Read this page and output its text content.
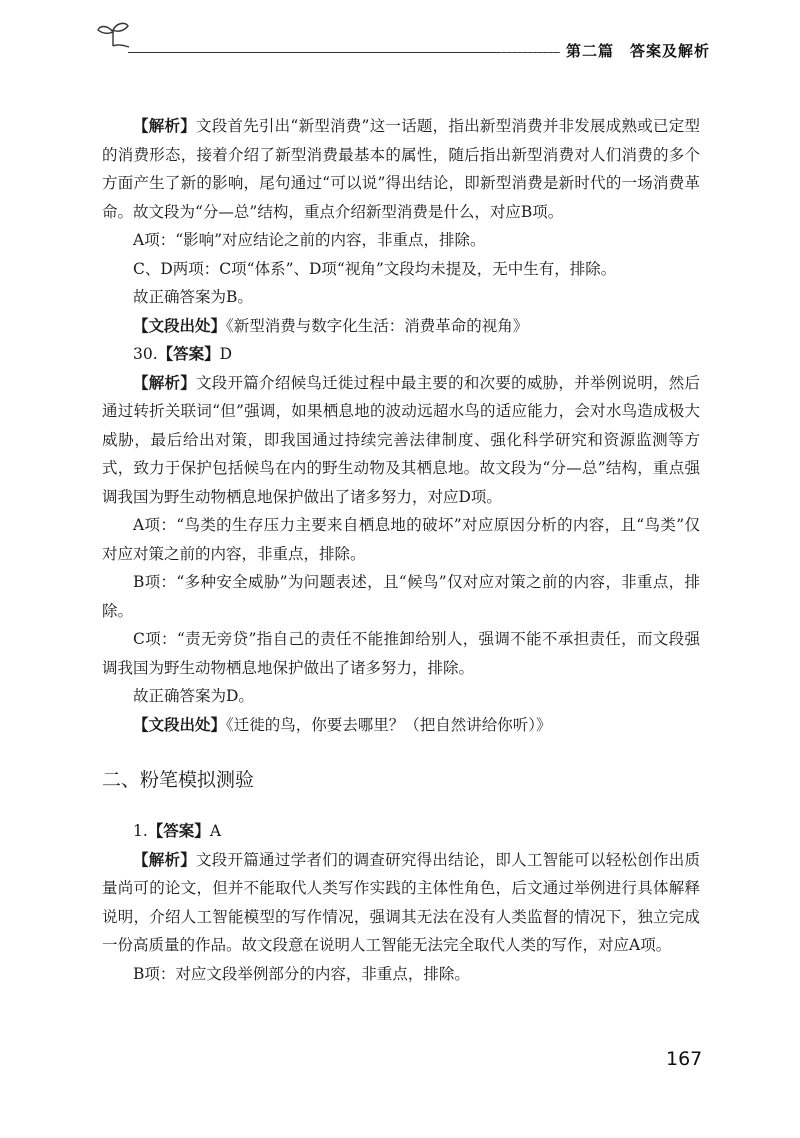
第二篇　答案及解析

【解析】文段首先引出“新型消费”这一话题，指出新型消费并非发展成熟或已定型的消费形态，接着介绍了新型消费最基本的属性，随后指出新型消费对人们消费的多个方面产生了新的影响，尾句通过“可以说”得出结论，即新型消费是新时代的一场消费革命。故文段为“分—总”结构，重点介绍新型消费是什么，对应B项。

A项：“影响”对应结论之前的内容，非重点，排除。

C、D两项：C项“体系”、D项“视角”文段均未提及，无中生有，排除。

故正确答案为B。

【文段出处】《新型消费与数字化生活：消费革命的视角》

30.【答案】D

【解析】文段开篇介绍候鸟迁徙过程中最主要的和次要的威胁，并举例说明，然后通过转折关联词“但”强调，如果栖息地的波动远超水鸟的适应能力，会对水鸟造成极大威胁，最后给出对策，即我国通过持续完善法律制度、强化科学研究和资源监测等方式，致力于保护包括候鸟在内的野生动物及其栖息地。故文段为“分—总”结构，重点强调我国为野生动物栖息地保护做出了诸多努力，对应D项。

A项：“鸟类的生存压力主要来自栖息地的破坏”对应原因分析的内容，且“鸟类”仅对应对策之前的内容，非重点，排除。

B项：“多种安全威胁”为问题表述，且“候鸟”仅对应对策之前的内容，非重点，排除。

C项：“责无旁贷”指自己的责任不能推卸给别人，强调不能不承担责任，而文段强调我国为野生动物栖息地保护做出了诸多努力，排除。

故正确答案为D。

【文段出处】《迁徙的鸟，你要去哪里？（把自然讲给你听）》

二、粉笔模拟测验

1.【答案】A

【解析】文段开篇通过学者们的调查研究得出结论，即人工智能可以轻松创作出质量尚可的论文，但并不能取代人类写作实践的主体性角色，后文通过举例进行具体解释说明，介绍人工智能模型的写作情况，强调其无法在没有人类监督的情况下，独立完成一份高质量的作品。故文段意在说明人工智能无法完全取代人类的写作，对应A项。

B项：对应文段举例部分的内容，非重点，排除。

167
